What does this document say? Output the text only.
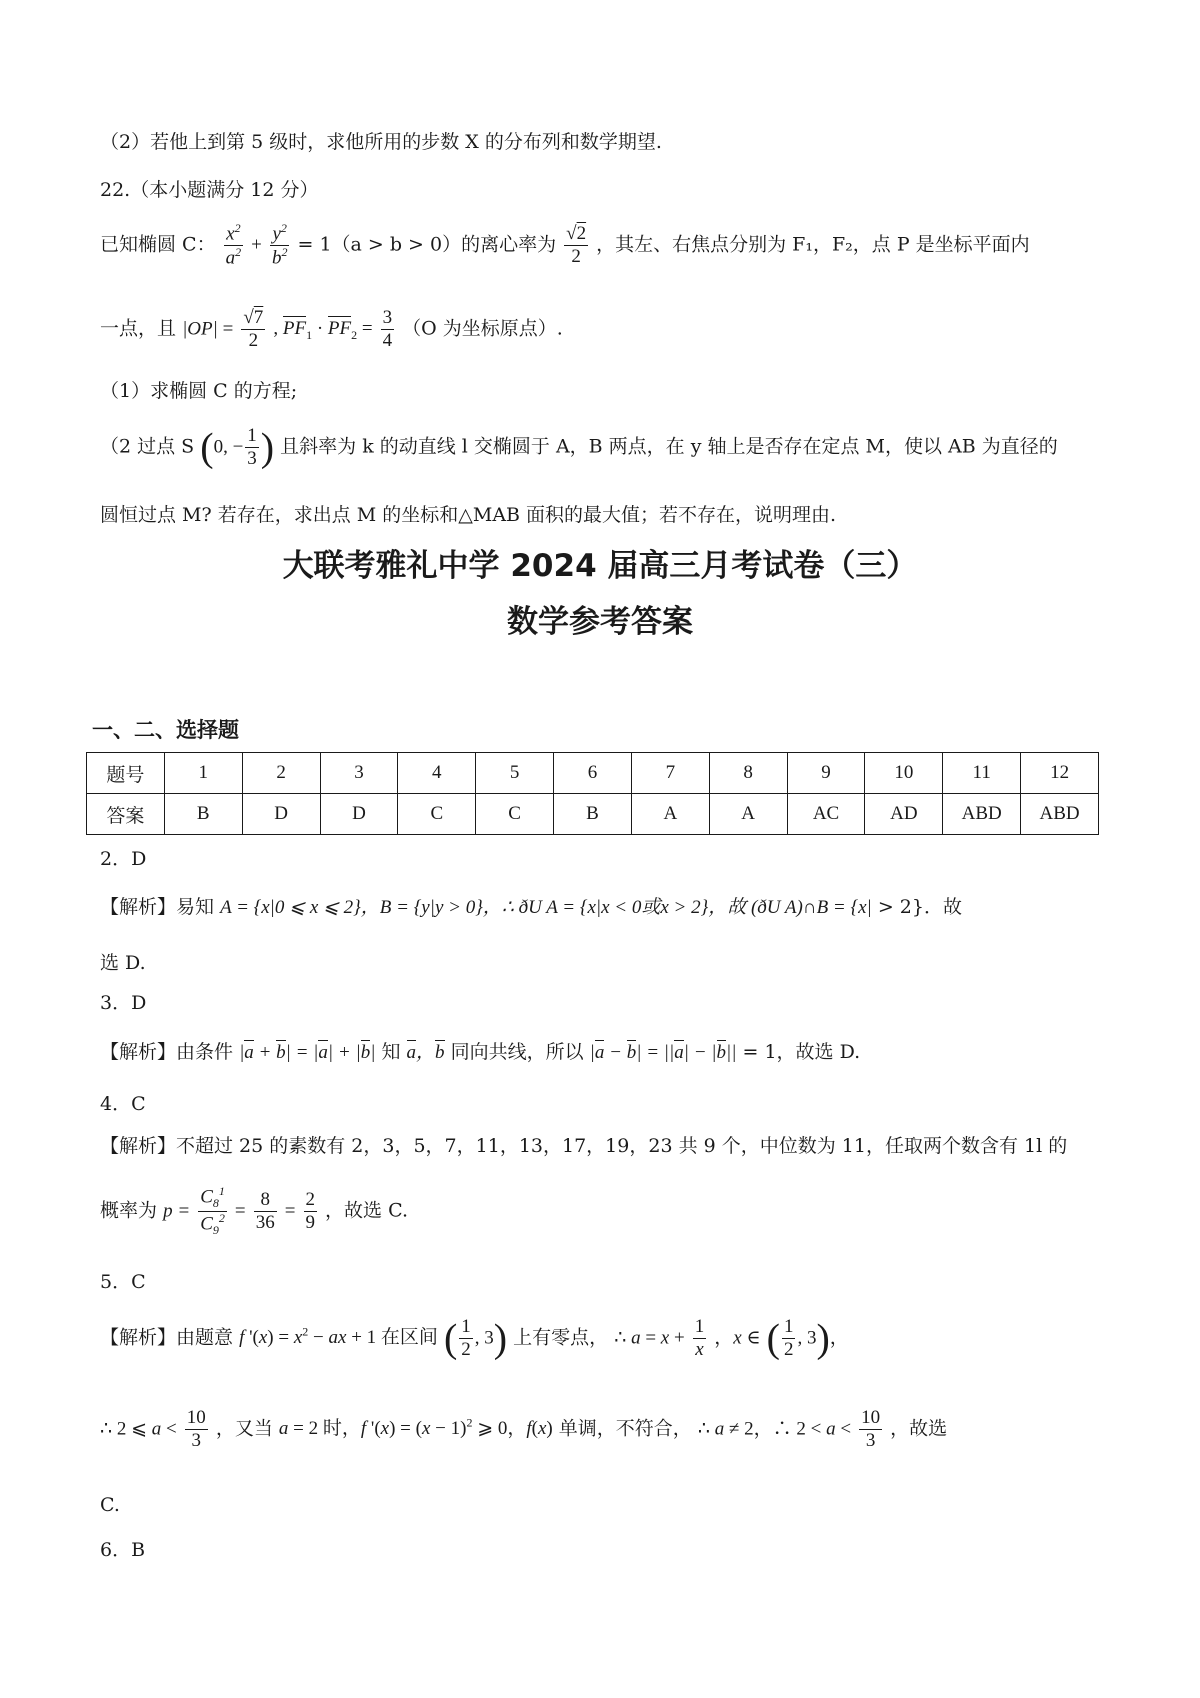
（2）若他上到第 5 级时，求他所用的步数 X 的分布列和数学期望.
22.（本小题满分 12 分）
已知椭圆 C： $\frac{x^2}{a^2} + \frac{y^2}{b^2} = 1(a > b > 0)$的离心率为 $\frac{√2}{2}$ ，其左、右焦点分别为 F₁，F₂，点 P 是坐标平面内
一点，且 $|OP| = \frac{√7}{2}$ , $PF_1 \cdot PF_2 = \frac{3}{4} (O$ 为坐标原点）.
（1）求椭圆 C 的方程;
（2 过点 S (0, − $\frac{1}{3}$ ) 且斜率为 k 的动直线 l 交椭圆于 A，B 两点，在 y 轴上是否存在定点 M，使以 AB 为直径的
圆恒过点 M? 若存在，求出点 M 的坐标和△MAB 面积的最大值；若不存在，说明理由.
大联考雅礼中学 2024 届高三月考试卷（三）
数学参考答案
一、二、选择题
题号	1	2	3	4	5	6	7	8	9	10	11	12
答案	B	D	D	C	C	B	A	A	AC	AD	ABD	ABD
2．D
【解析】易知 A = {x|0 ⩽ x ⩽ 2}，B = {y|y > 0}，∴ ðU A = {x|x < 0或x > 2}，故 (ðU A)∩B = {x| > 2}．故
选 D.
3．D
【解析】由条件 |a + b| = |a| + |b| 知 a，b 同向共线，所以 |a − b| = ||a| − |b|| = 1，故选 D.
4．C
【解析】不超过 25 的素数有 2，3，5，7，11，13，17，19，23 共 9 个，中位数为 11，任取两个数含有 1l 的
概率为 $p = \frac{C_8^1}{C_9^2} = \frac{8}{36} = \frac{2}{9}$ ，故选 C.
5．C
【解析】由题意 f '$(x) = x^2$ − ax + 1 在区间 ( $\frac{1}{2}$ , 3) 上有零点， ∴ $a = x + \frac{1}{x}$ ，x ∈ ( $\frac{1}{2}$ , 3)，
∴ 2 ⩽ $a < \frac{10}{3}$ ，又当 a = 2 时，f '$(x) = (x - 1)^2$ ⩾ 0，f(x) 单调，不符合， ∴ a ≠ 2，∴ $2 < a < \frac{10}{3}$ ，故选
C.
6．B
